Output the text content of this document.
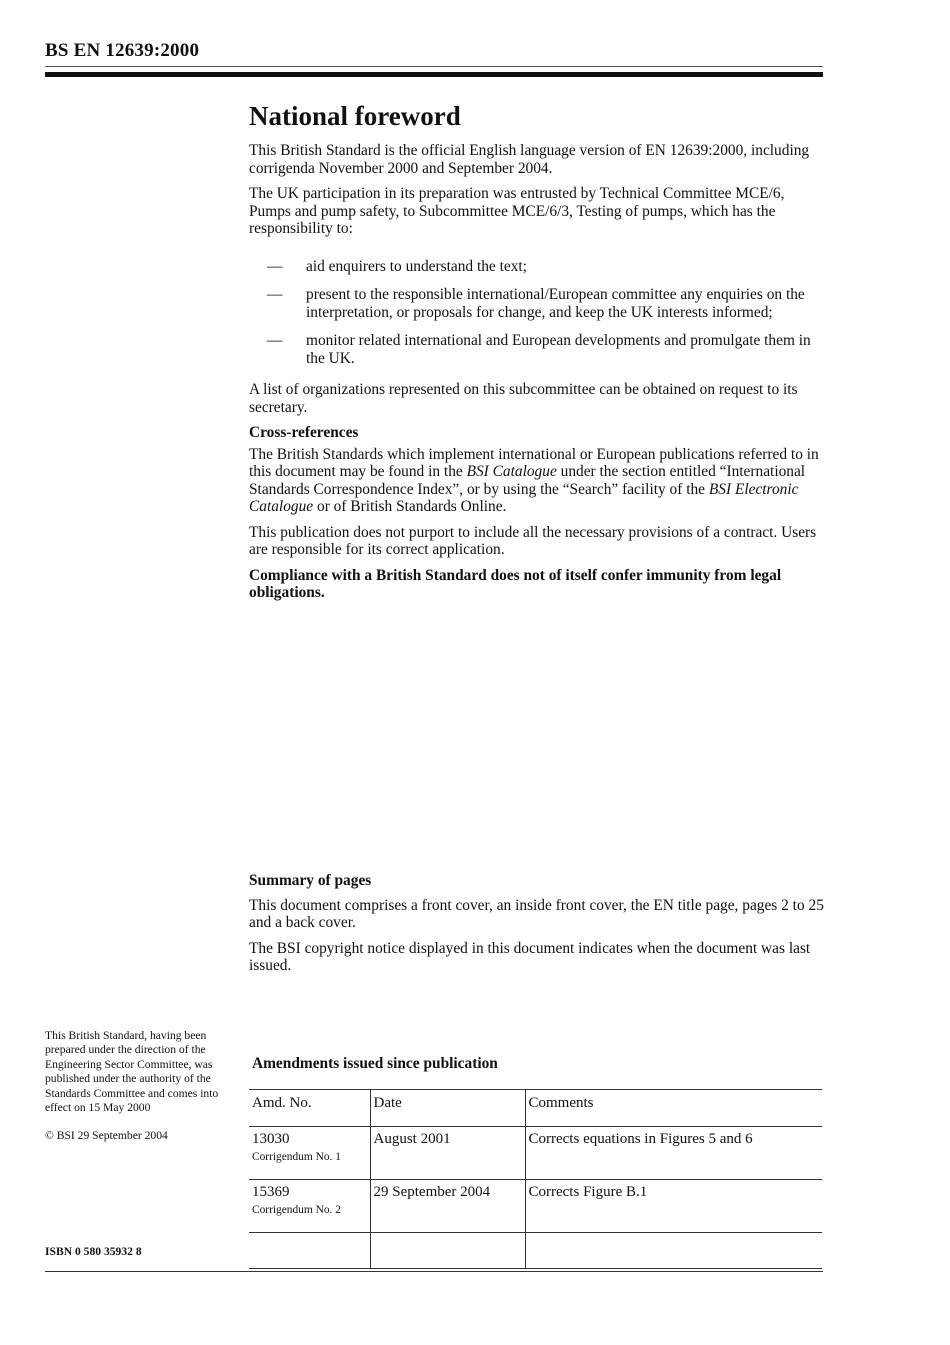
BS EN 12639:2000
National foreword

This British Standard is the official English language version of EN 12639:2000, including corrigenda November 2000 and September 2004.

The UK participation in its preparation was entrusted by Technical Committee MCE/6, Pumps and pump safety, to Subcommittee MCE/6/3, Testing of pumps, which has the responsibility to:

— aid enquirers to understand the text;
— present to the responsible international/European committee any enquiries on the interpretation, or proposals for change, and keep the UK interests informed;
— monitor related international and European developments and promulgate them in the UK.

A list of organizations represented on this subcommittee can be obtained on request to its secretary.

Cross-references

The British Standards which implement international or European publications referred to in this document may be found in the BSI Catalogue under the section entitled “International Standards Correspondence Index”, or by using the “Search” facility of the BSI Electronic Catalogue or of British Standards Online.

This publication does not purport to include all the necessary provisions of a contract. Users are responsible for its correct application.

Compliance with a British Standard does not of itself confer immunity from legal obligations.

Summary of pages

This document comprises a front cover, an inside front cover, the EN title page, pages 2 to 25 and a back cover.

The BSI copyright notice displayed in this document indicates when the document was last issued.

This British Standard, having been prepared under the direction of the Engineering Sector Committee, was published under the authority of the Standards Committee and comes into effect on 15 May 2000

© BSI 29 September 2004

ISBN 0 580 35932 8
Amendments issued since publication
Amd. No.	Date	Comments
13030
Corrigendum No. 1	August 2001	Corrects equations in Figures 5 and 6
15369
Corrigendum No. 2	29 September 2004	Corrects Figure B.1
